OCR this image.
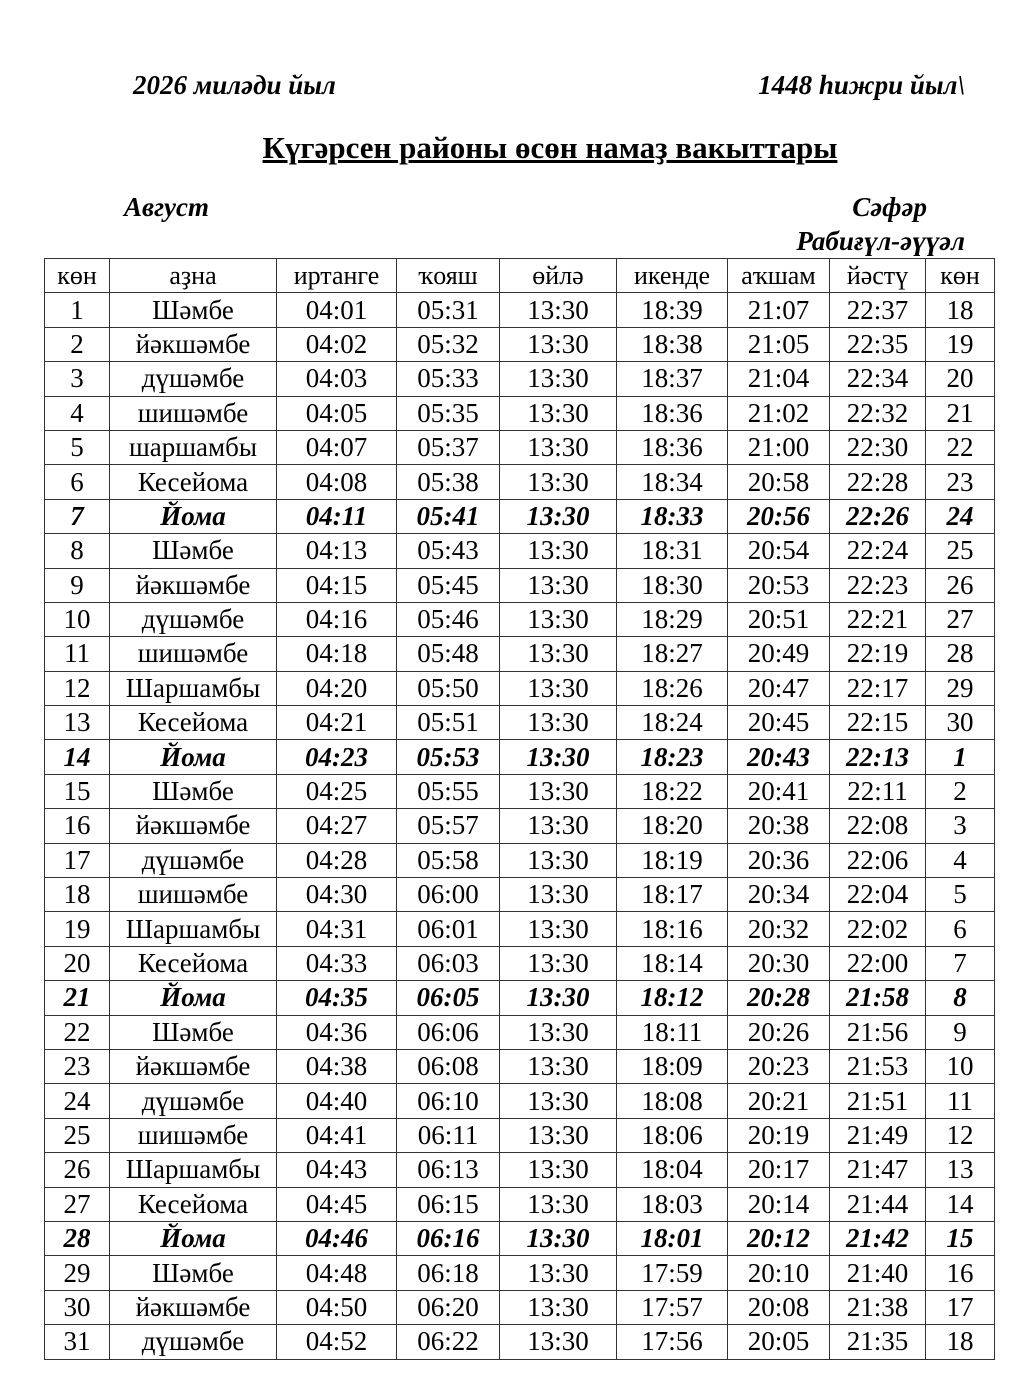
2026 миләди йыл	1448 һижри йыл\
Күгәрсен районы өсөн намаҙ вакыттары
Август	Сәфәр
Рабиғүл-әүүәл
көн	аҙна	иртанге	ҡояш	өйлә	икенде	аҡшам	йәстү	көн
1	Шәмбе	04:01	05:31	13:30	18:39	21:07	22:37	18
2	йәкшәмбе	04:02	05:32	13:30	18:38	21:05	22:35	19
3	дүшәмбе	04:03	05:33	13:30	18:37	21:04	22:34	20
4	шишәмбе	04:05	05:35	13:30	18:36	21:02	22:32	21
5	шаршамбы	04:07	05:37	13:30	18:36	21:00	22:30	22
6	Кесейома	04:08	05:38	13:30	18:34	20:58	22:28	23
7	Йома	04:11	05:41	13:30	18:33	20:56	22:26	24
8	Шәмбе	04:13	05:43	13:30	18:31	20:54	22:24	25
9	йәкшәмбе	04:15	05:45	13:30	18:30	20:53	22:23	26
10	дүшәмбе	04:16	05:46	13:30	18:29	20:51	22:21	27
11	шишәмбе	04:18	05:48	13:30	18:27	20:49	22:19	28
12	Шаршамбы	04:20	05:50	13:30	18:26	20:47	22:17	29
13	Кесейома	04:21	05:51	13:30	18:24	20:45	22:15	30
14	Йома	04:23	05:53	13:30	18:23	20:43	22:13	1
15	Шәмбе	04:25	05:55	13:30	18:22	20:41	22:11	2
16	йәкшәмбе	04:27	05:57	13:30	18:20	20:38	22:08	3
17	дүшәмбе	04:28	05:58	13:30	18:19	20:36	22:06	4
18	шишәмбе	04:30	06:00	13:30	18:17	20:34	22:04	5
19	Шаршамбы	04:31	06:01	13:30	18:16	20:32	22:02	6
20	Кесейома	04:33	06:03	13:30	18:14	20:30	22:00	7
21	Йома	04:35	06:05	13:30	18:12	20:28	21:58	8
22	Шәмбе	04:36	06:06	13:30	18:11	20:26	21:56	9
23	йәкшәмбе	04:38	06:08	13:30	18:09	20:23	21:53	10
24	дүшәмбе	04:40	06:10	13:30	18:08	20:21	21:51	11
25	шишәмбе	04:41	06:11	13:30	18:06	20:19	21:49	12
26	Шаршамбы	04:43	06:13	13:30	18:04	20:17	21:47	13
27	Кесейома	04:45	06:15	13:30	18:03	20:14	21:44	14
28	Йома	04:46	06:16	13:30	18:01	20:12	21:42	15
29	Шәмбе	04:48	06:18	13:30	17:59	20:10	21:40	16
30	йәкшәмбе	04:50	06:20	13:30	17:57	20:08	21:38	17
31	дүшәмбе	04:52	06:22	13:30	17:56	20:05	21:35	18
